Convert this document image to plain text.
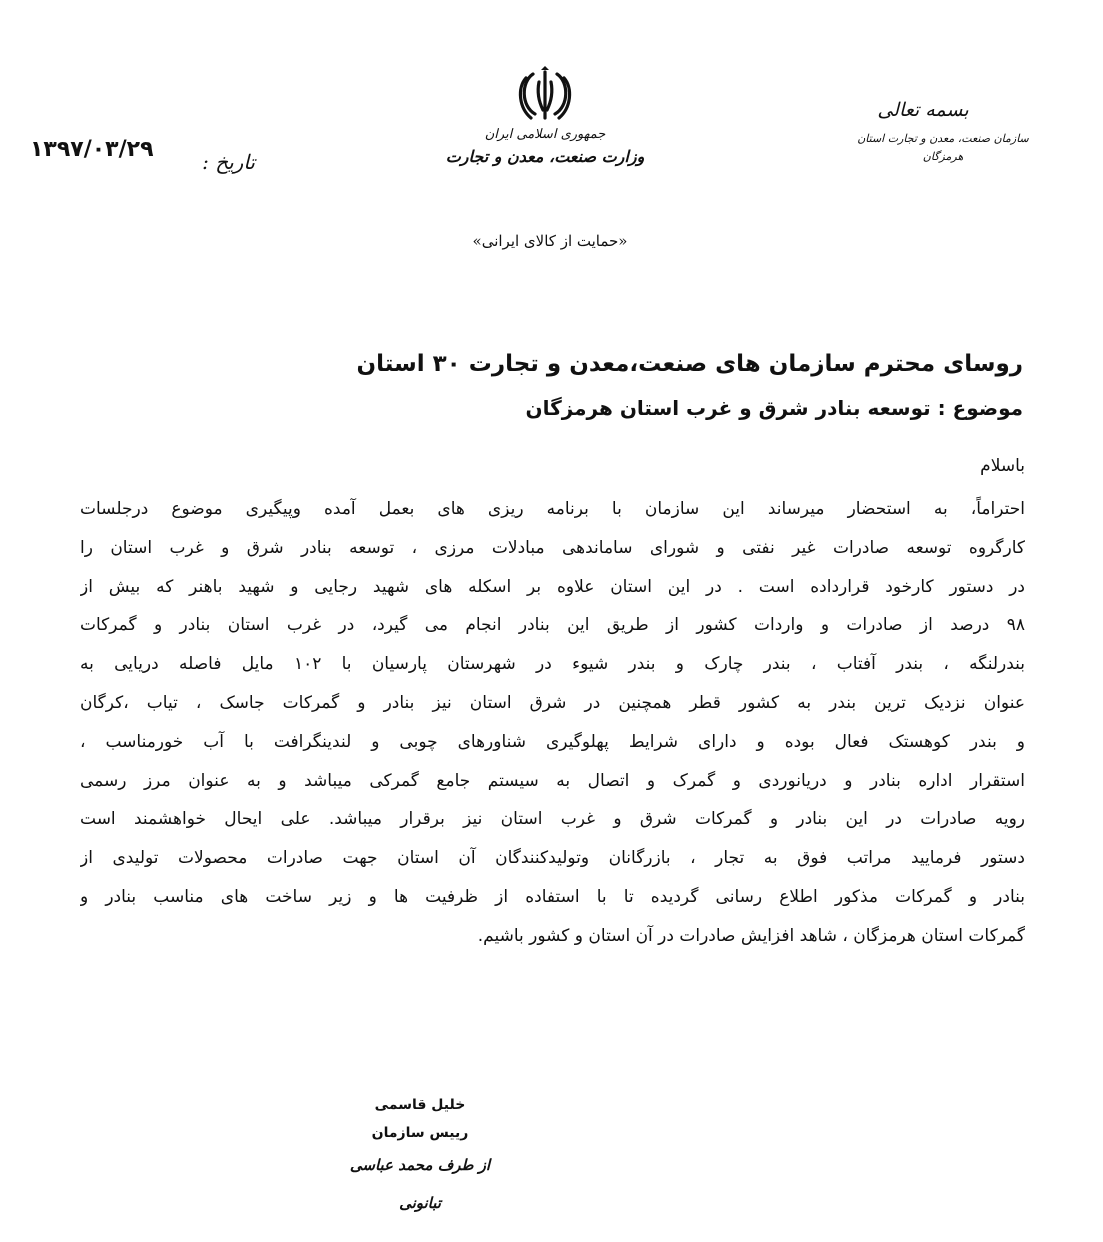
بسمه تعالی
سازمان صنعت، معدن و تجارت استان هرمزگان
جمهوری اسلامی ایران
وزارت صنعت، معدن و تجارت
«حمایت از کالای ایرانی»
تاریخ :
۱۳۹۷/۰۳/۲۹
روسای محترم سازمان های صنعت،معدن و تجارت ۳۰ استان
موضوع : توسعه بنادر شرق و غرب استان هرمزگان
باسلام
احتراماً، به استحضار میرساند این سازمان با برنامه ریزی های بعمل آمده وپیگیری موضوع درجلسات
کارگروه توسعه صادرات غیر نفتی و شورای ساماندهی مبادلات مرزی ، توسعه بنادر شرق و غرب استان را
در دستور کارخود قرارداده است . در این استان علاوه بر اسکله های شهید رجایی و شهید باهنر که بیش از
۹۸ درصد از صادرات و واردات کشور از طریق این بنادر انجام می گیرد، در غرب استان بنادر و گمرکات
بندرلنگه ، بندر آفتاب ، بندر چارک و بندر شیوء در شهرستان پارسیان با ۱۰۲ مایل فاصله دریایی به
عنوان نزدیک ترین بندر به کشور قطر همچنین در شرق استان نیز بنادر و گمرکات جاسک ، تیاب ،کرگان
و بندر کوهستک فعال بوده و دارای شرایط پهلوگیری شناورهای چوبی و لندینگرافت با آب خورمناسب ،
استقرار اداره بنادر و دریانوردی و گمرک و اتصال به سیستم جامع گمرکی میباشد و به عنوان مرز رسمی
رویه صادرات در این بنادر و گمرکات شرق و غرب استان نیز برقرار میباشد. علی ایحال خواهشمند است
دستور فرمایید مراتب فوق به تجار ، بازرگانان وتولیدکنندگان آن استان جهت صادرات محصولات تولیدی از
بنادر و گمرکات مذکور اطلاع رسانی گردیده تا با استفاده از ظرفیت ها و زیر ساخت های مناسب بنادر و
گمرکات استان هرمزگان ، شاهد افزایش صادرات در آن استان و کشور باشیم.
خلیل قاسمی
رییس سازمان
از طرف محمد عباسی تبانونی
